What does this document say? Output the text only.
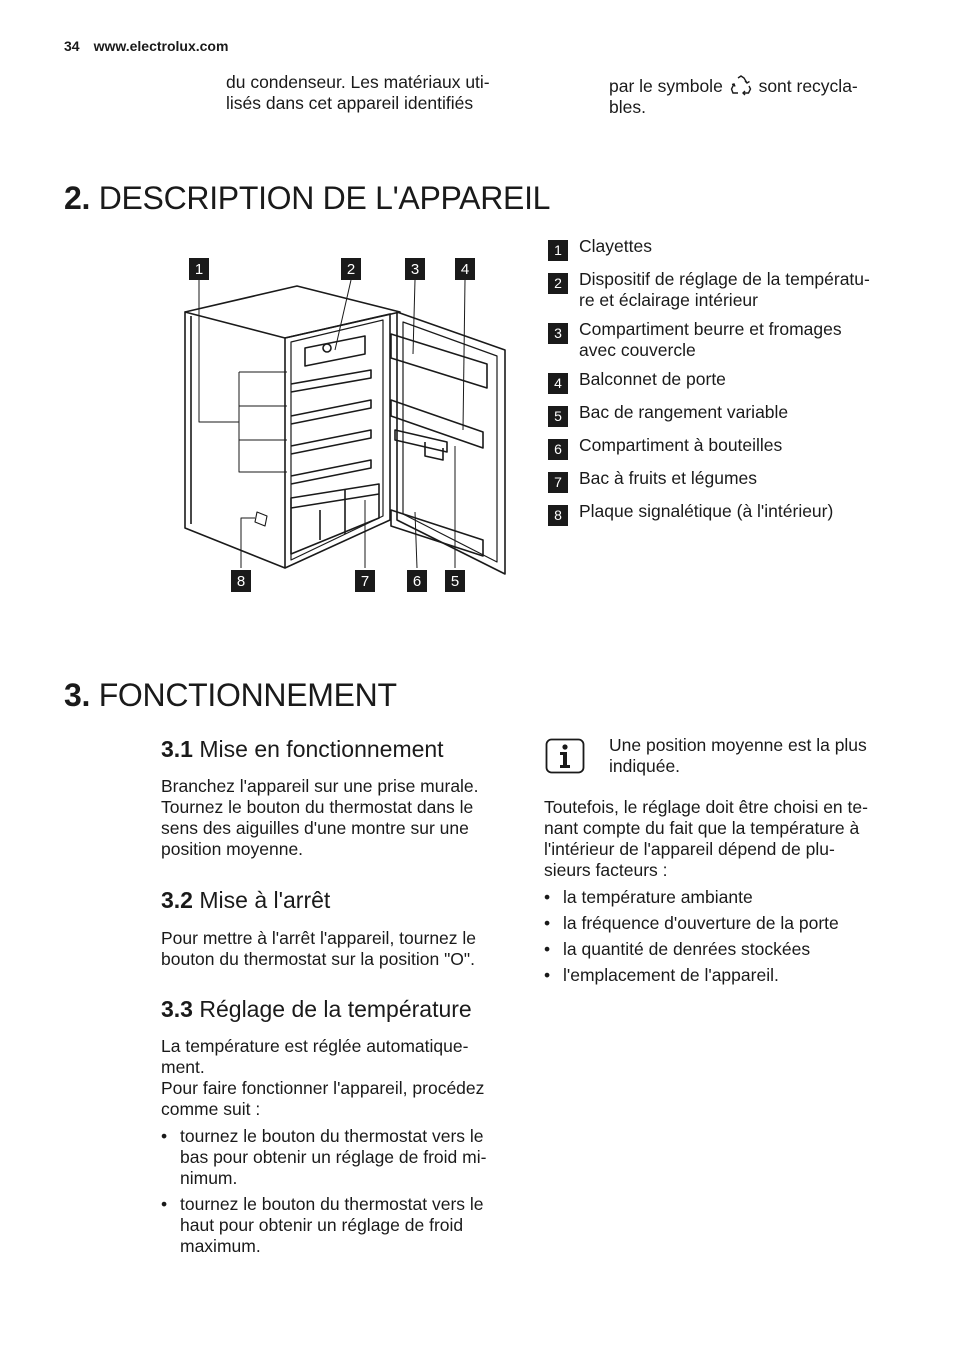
34 www.electrolux.com

du condenseur. Les matériaux uti-
lisés dans cet appareil identifiés

par le symbole sont recycla-
bles.
2. DESCRIPTION DE L'APPAREIL
1	2	3	4
8	7	6 5
1 Clayettes
2 Dispositif de réglage de la températu-
re et éclairage intérieur
3 Compartiment beurre et fromages
avec couvercle
4 Balconnet de porte
5 Bac de rangement variable
6 Compartiment à bouteilles
7 Bac à fruits et légumes
8 Plaque signalétique (à l'intérieur)
3. FONCTIONNEMENT
3.1 Mise en fonctionnement

Branchez l'appareil sur une prise murale.
Tournez le bouton du thermostat dans le
sens des aiguilles d'une montre sur une
position moyenne.

3.2 Mise à l'arrêt

Pour mettre à l'arrêt l'appareil, tournez le
bouton du thermostat sur la position "O".

3.3 Réglage de la température

La température est réglée automatique-
ment.
Pour faire fonctionner l'appareil, procédez
comme suit :

• tournez le bouton du thermostat vers le
bas pour obtenir un réglage de froid mi-
nimum.
• tournez le bouton du thermostat vers le
haut pour obtenir un réglage de froid
maximum.

Une position moyenne est la plus
indiquée.

Toutefois, le réglage doit être choisi en te-
nant compte du fait que la température à
l'intérieur de l'appareil dépend de plu-
sieurs facteurs :

• la température ambiante
• la fréquence d'ouverture de la porte
• la quantité de denrées stockées
• l'emplacement de l'appareil.
